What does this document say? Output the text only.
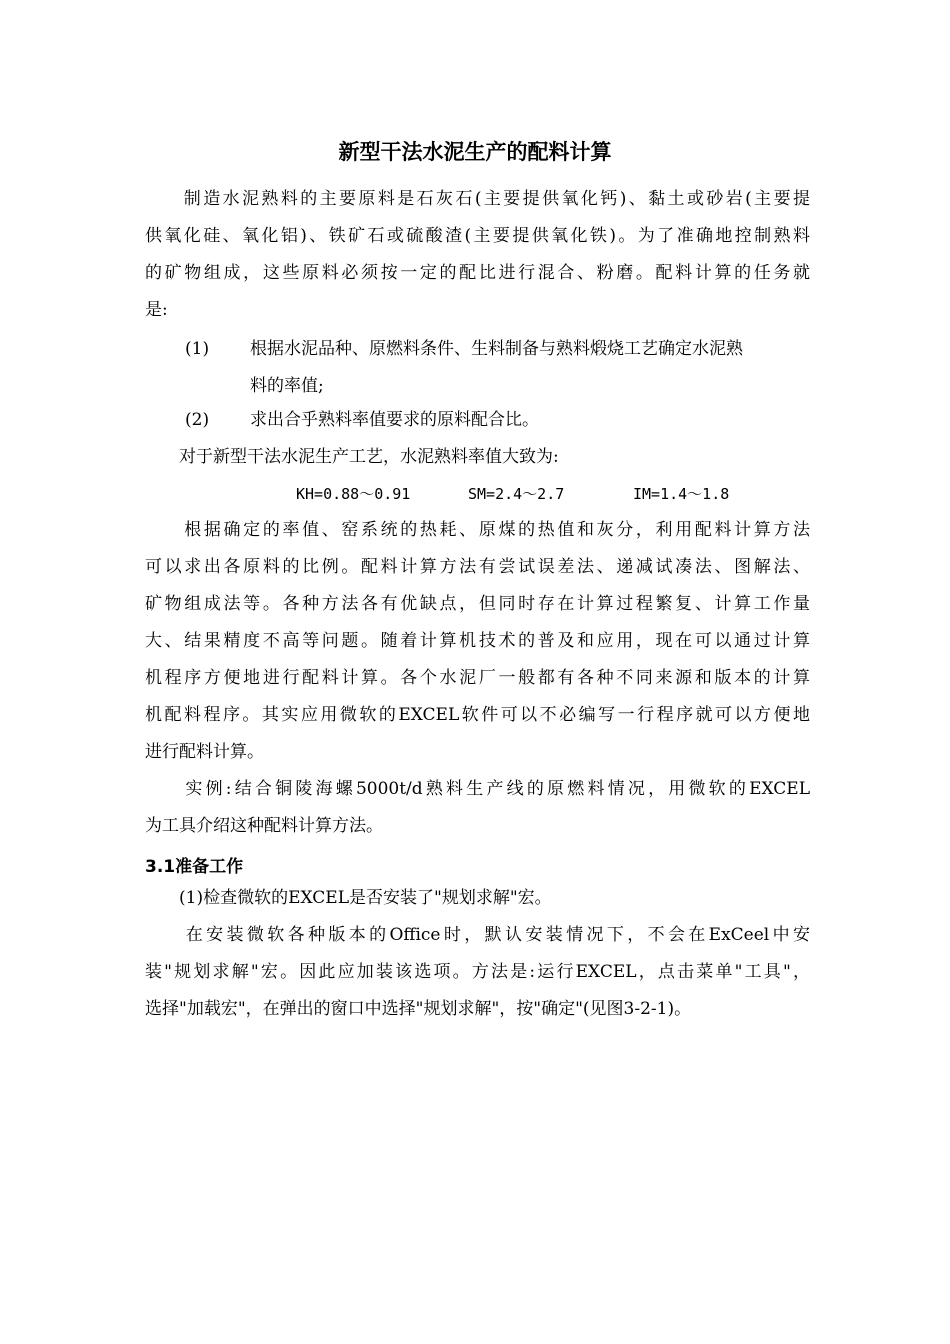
新型干法水泥生产的配料计算
　　制造水泥熟料的主要原料是石灰石(主要提供氧化钙)、黏土或砂岩(主要提
供氧化硅、氧化铝)、铁矿石或硫酸渣(主要提供氧化铁)。为了准确地控制熟料
的矿物组成，这些原料必须按一定的配比进行混合、粉磨。配料计算的任务就
是:
(1) 根据水泥品种、原燃料条件、生料制备与熟料煅烧工艺确定水泥熟
料的率值;
(2) 求出合乎熟料率值要求的原料配合比。
　　对于新型干法水泥生产工艺，水泥熟料率值大致为:
KH=0.88～0.91	SM=2.4～2.7	IM=1.4～1.8
　　根据确定的率值、窑系统的热耗、原煤的热值和灰分，利用配料计算方法
可以求出各原料的比例。配料计算方法有尝试误差法、递减试凑法、图解法、
矿物组成法等。各种方法各有优缺点，但同时存在计算过程繁复、计算工作量
大、结果精度不高等问题。随着计算机技术的普及和应用，现在可以通过计算
机程序方便地进行配料计算。各个水泥厂一般都有各种不同来源和版本的计算
机配料程序。其实应用微软的EXCEL软件可以不必编写一行程序就可以方便地
进行配料计算。
　　实例:结合铜陵海螺5000t/d熟料生产线的原燃料情况，用微软的EXCEL
为工具介绍这种配料计算方法。
3.1准备工作
　　(1)检查微软的EXCEL是否安装了"规划求解"宏。
　　在安装微软各种版本的Office时，默认安装情况下，不会在ExCeel中安
装"规划求解"宏。因此应加装该选项。方法是:运行EXCEL，点击菜单"工具"，
选择"加载宏"，在弹出的窗口中选择"规划求解"，按"确定"(见图3-2-1)。
